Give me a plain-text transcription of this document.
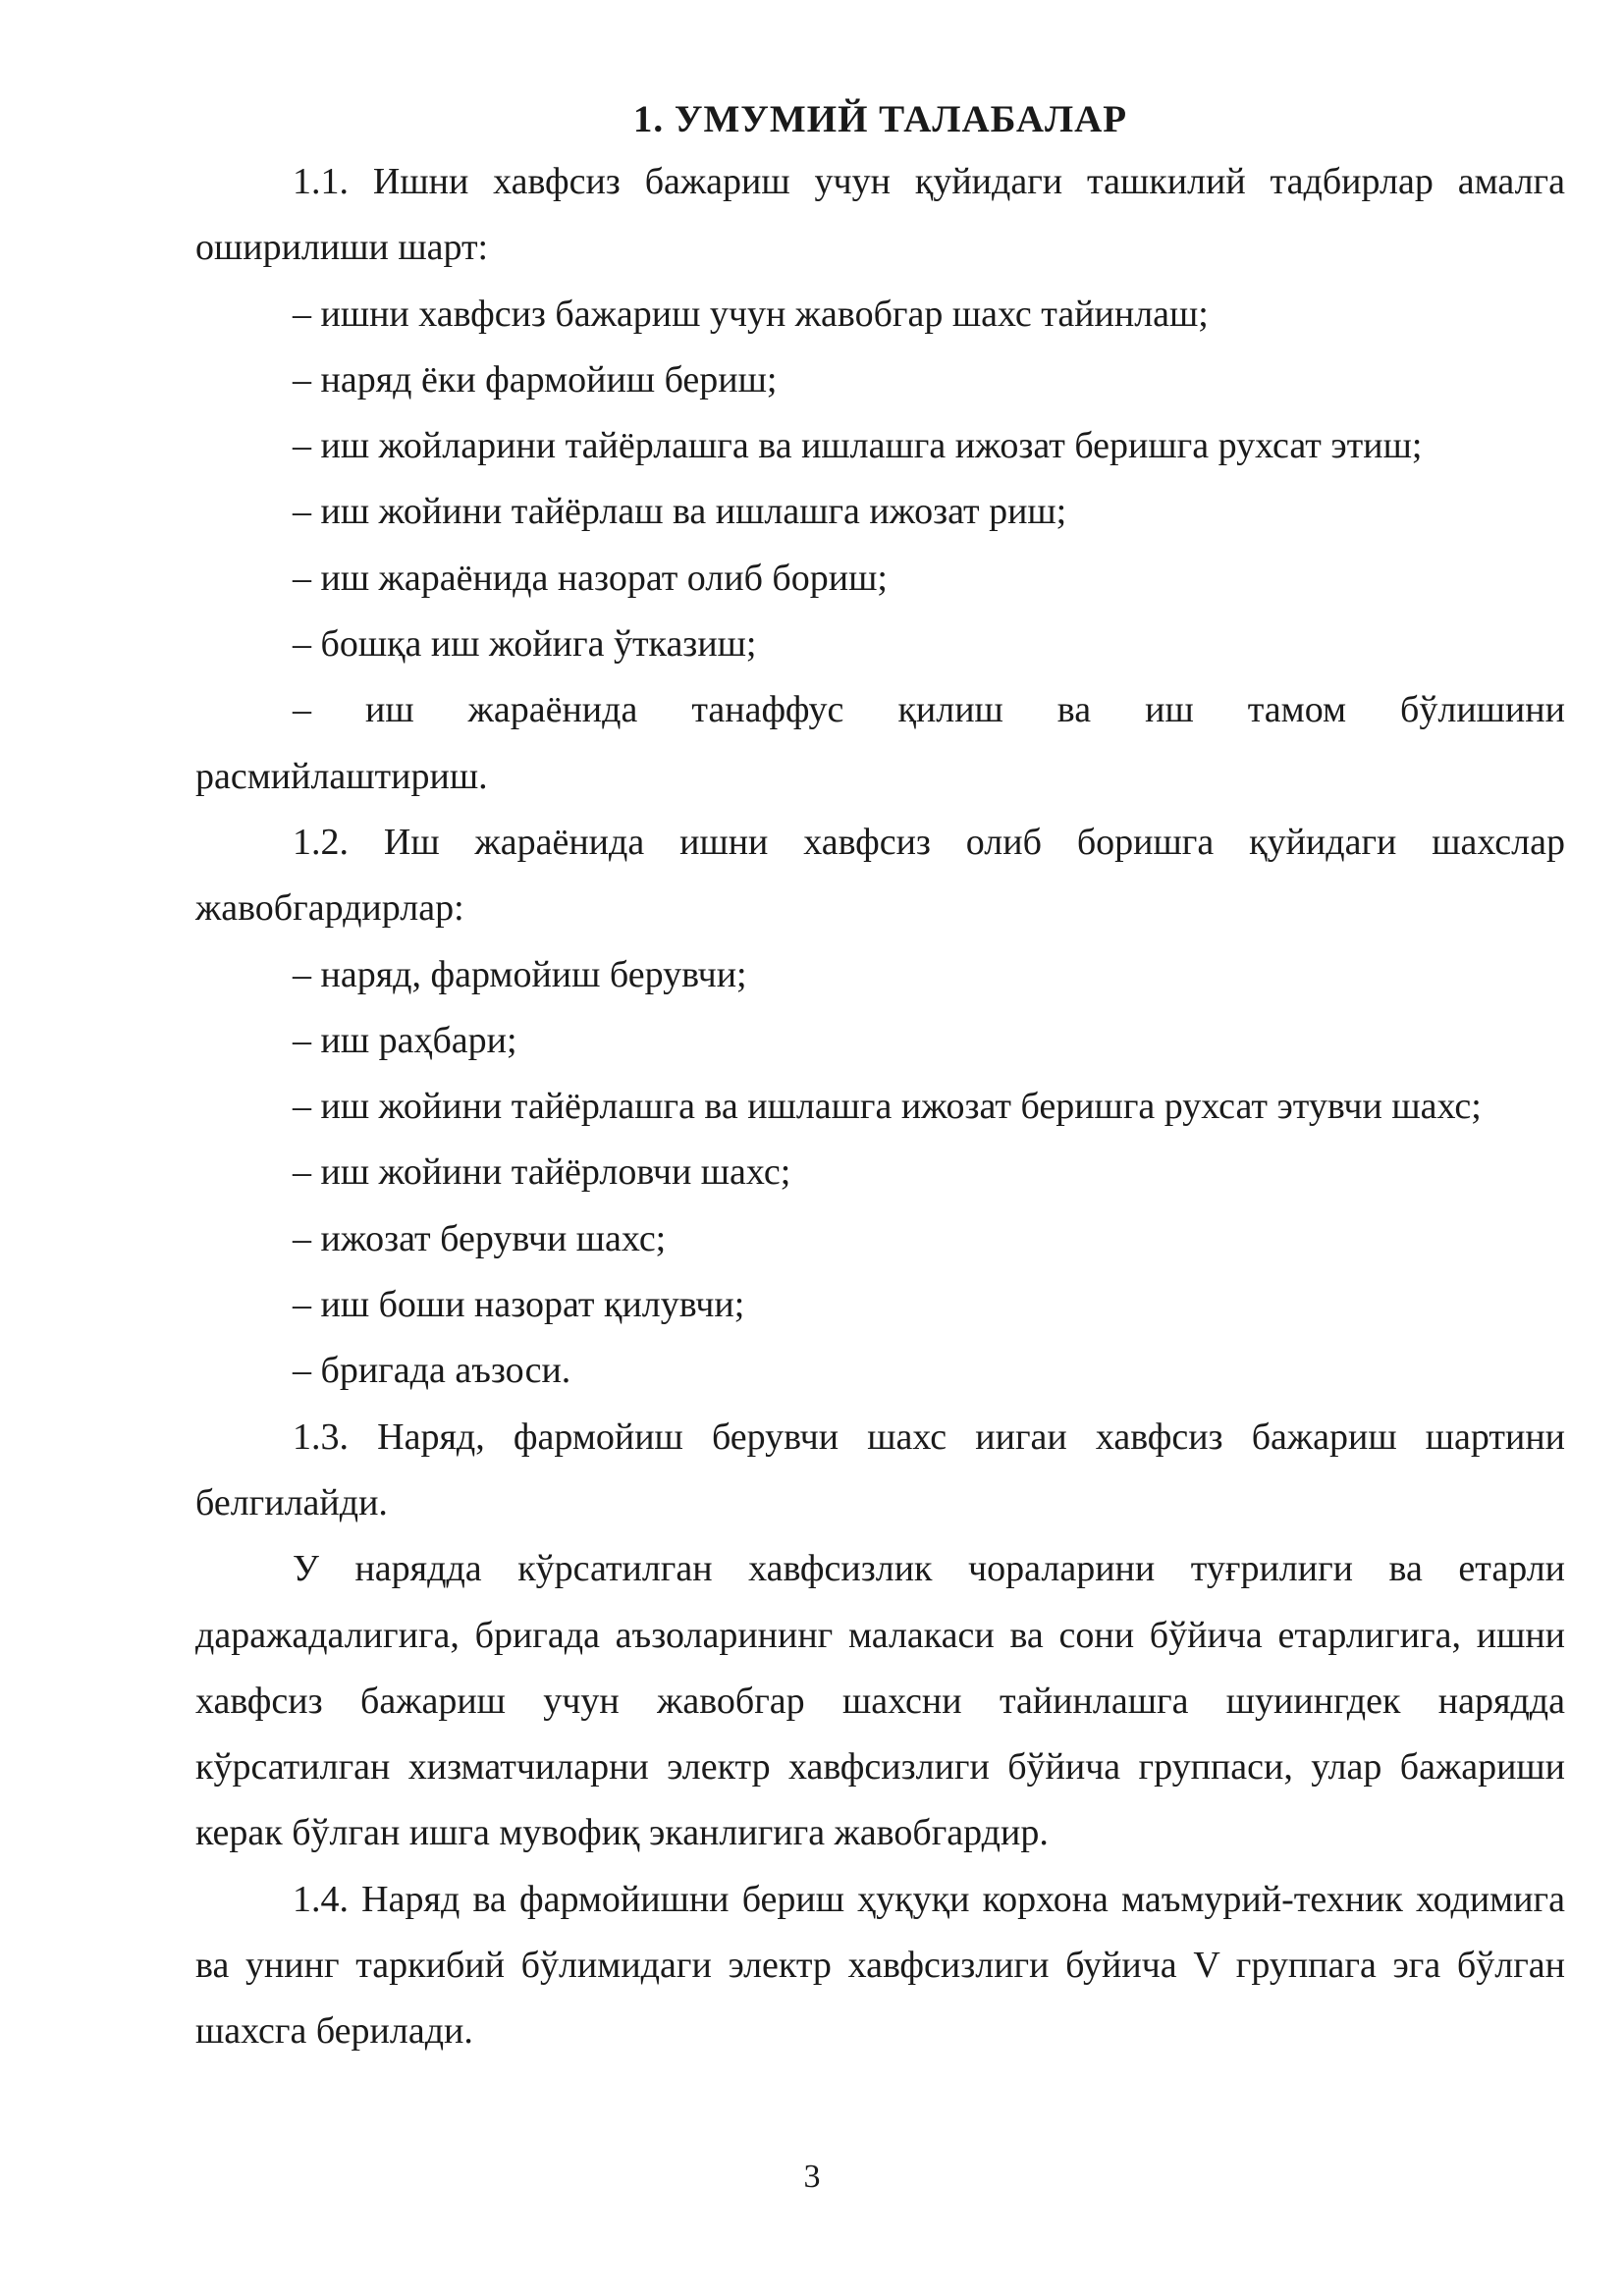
1. УМУМИЙ ТАЛАБАЛАР

1.1. Ишни хавфсиз бажариш учун қуйидаги ташкилий тадбирлар амалга оширилиши шарт:

– ишни хавфсиз бажариш учун жавобгар шахс тайинлаш;

– наряд ёки фармойиш бериш;

– иш жойларини тайёрлашга ва ишлашга ижозат беришга рухсат этиш;

– иш жойини тайёрлаш ва ишлашга ижозат риш;

– иш жараёнида назорат олиб бориш;

– бошқа иш жойига ўтказиш;

– иш жараёнида танаффус қилиш ва иш тамом бўлишини

расмийлаштириш.

1.2. Иш жараёнида ишни хавфсиз олиб боришга қуйидаги шахслар жавобгардирлар:

– наряд, фармойиш берувчи;

– иш раҳбари;

– иш жойини тайёрлашга ва ишлашга ижозат беришга рухсат этувчи шахс;

– иш жойини тайёрловчи шахс;

– ижозат берувчи шахс;

– иш боши назорат қилувчи;

– бригада аъзоси.

1.3. Наряд, фармойиш берувчи шахс иигаи хавфсиз бажариш шартини белгилайди.

У нарядда кўрсатилган хавфсизлик чораларини туғрилиги ва етарли даражадалигига, бригада аъзоларининг малакаси ва сони бўйича етарлигига, ишни хавфсиз бажариш учун жавобгар шахсни тайинлашга шуиингдек нарядда кўрсатилган хизматчиларни электр хавфсизлиги бўйича группаси, улар бажариши керак бўлган ишга мувофиқ эканлигига жавобгардир.

1.4. Наряд ва фармойишни бериш ҳуқуқи корхона маъмурий-техник ходимига ва унинг таркибий бўлимидаги электр хавфсизлиги буйича V группага эга бўлган шахсга берилади.

3
